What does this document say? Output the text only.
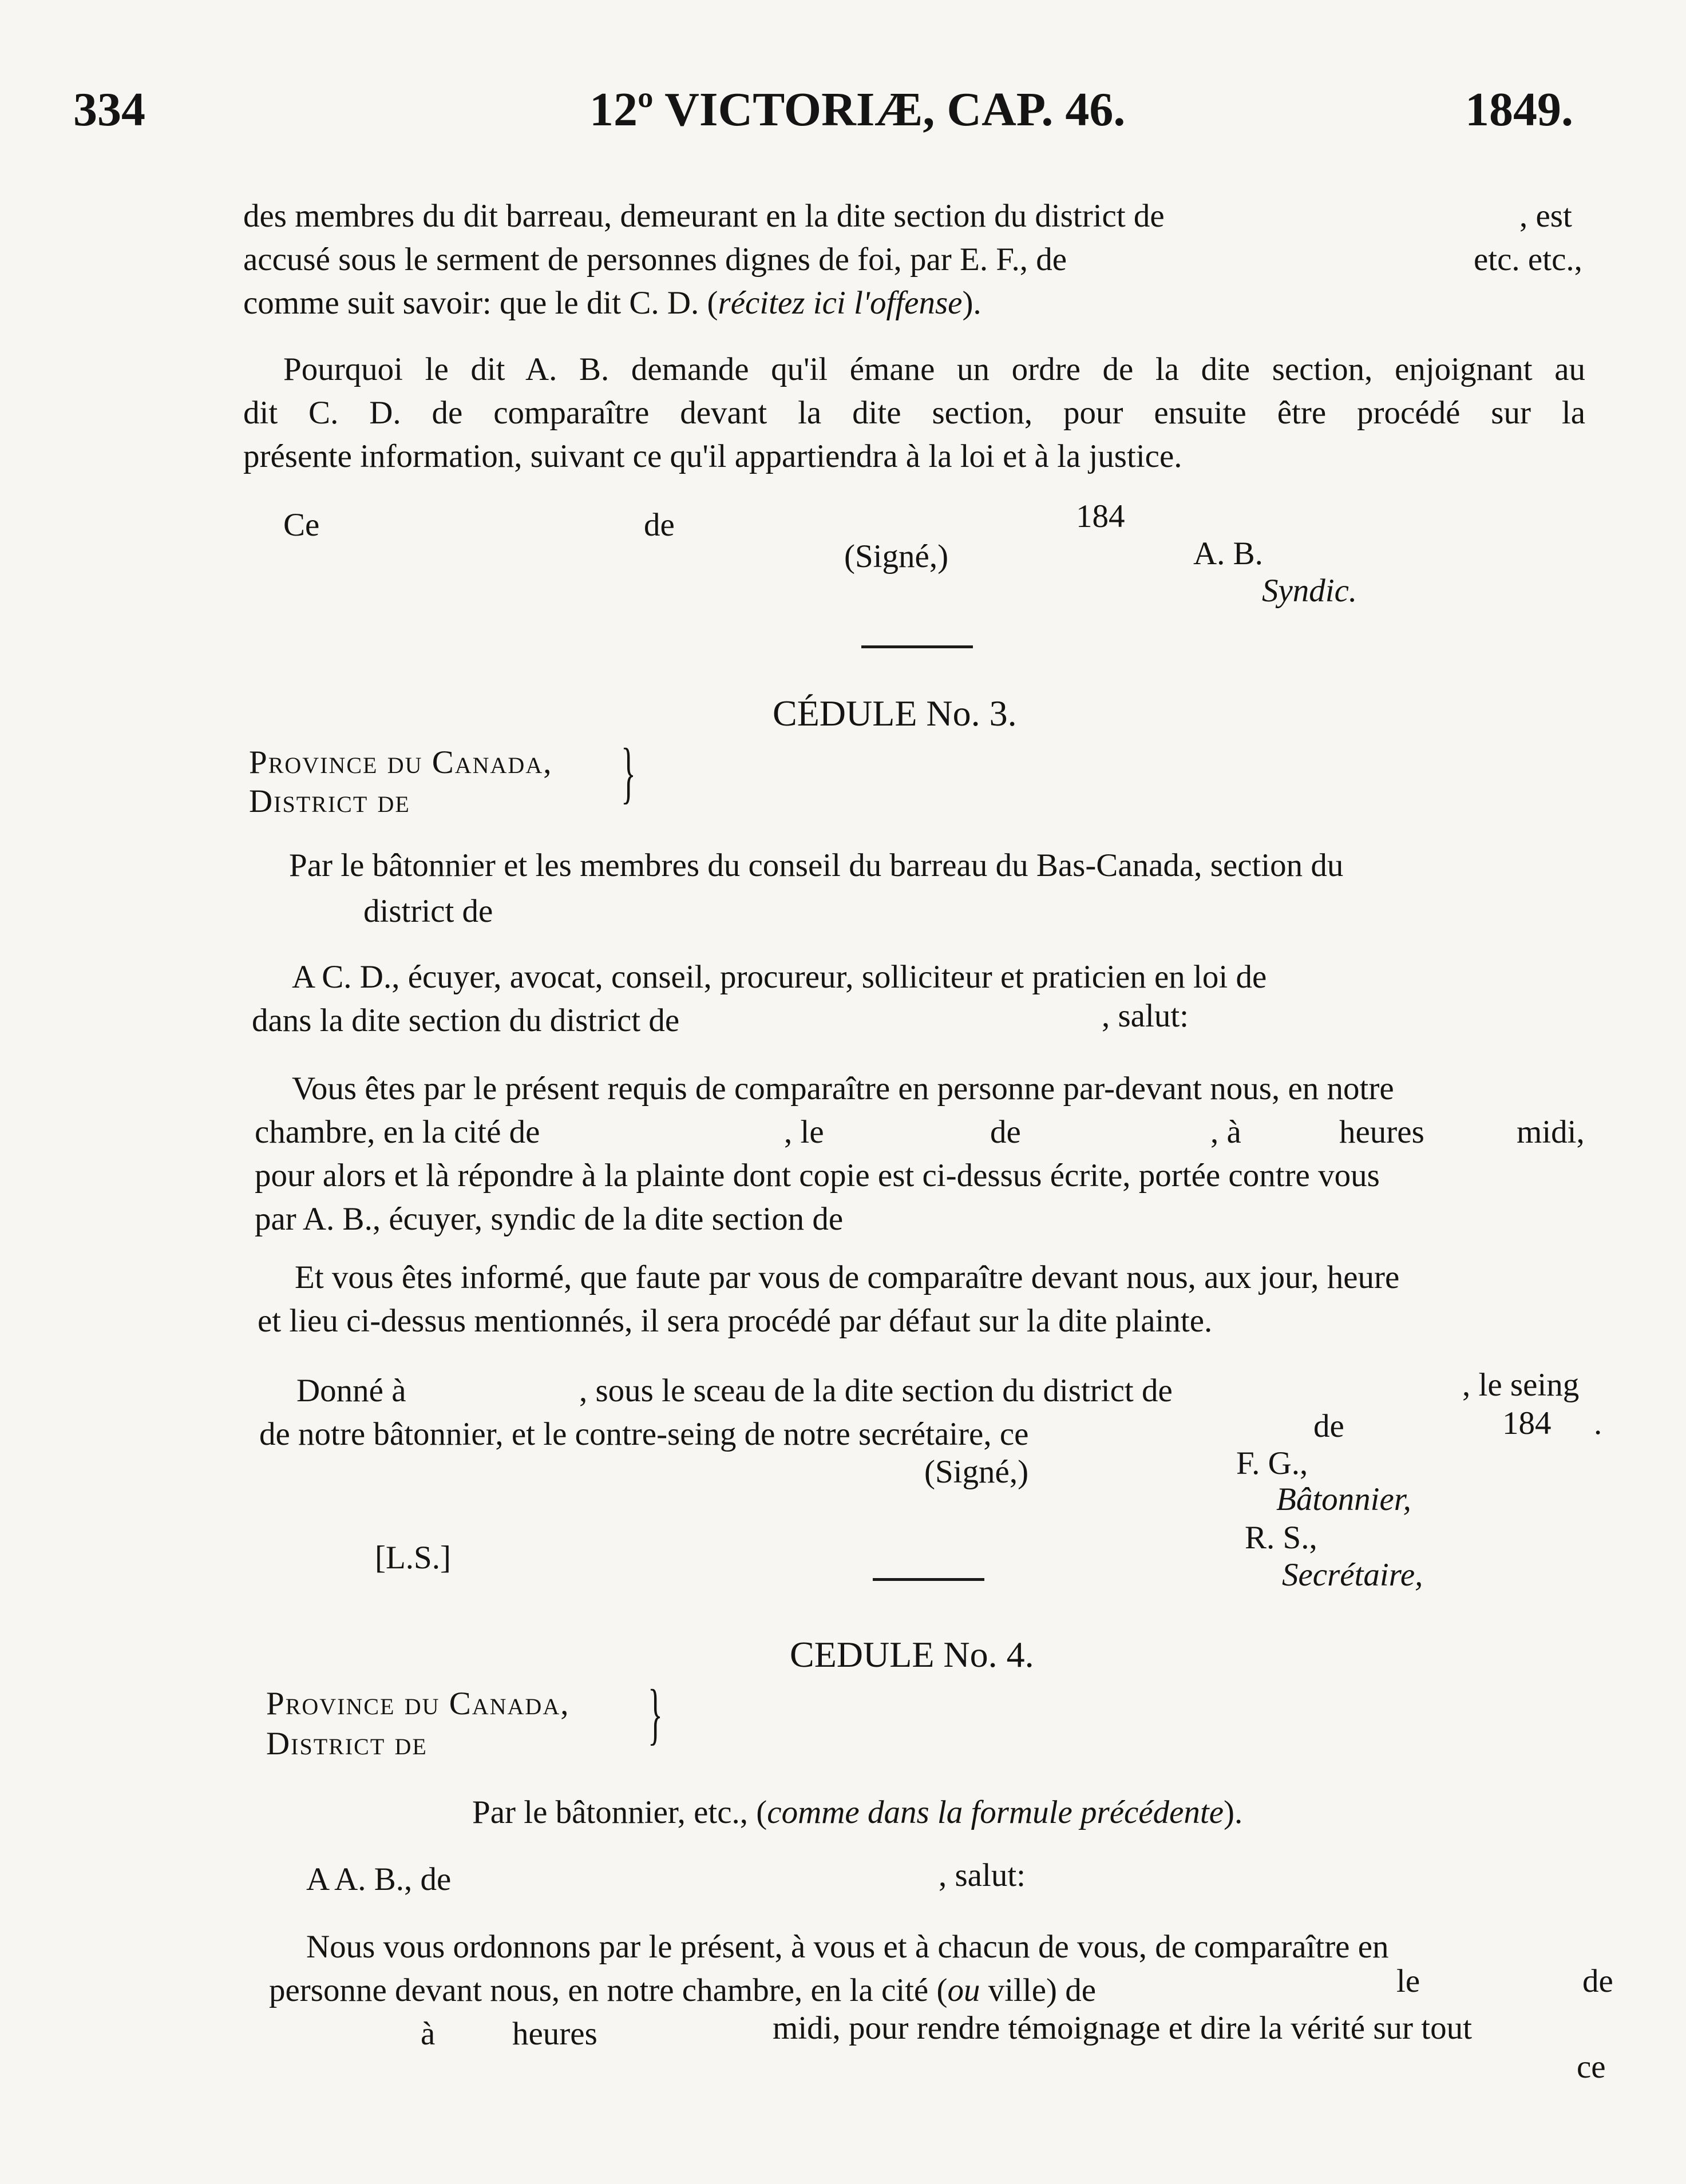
334	12º VICTORIÆ, CAP. 46.	1849.
des membres du dit barreau, demeurant en la dite section du district de	, est
accusé sous le serment de personnes dignes de foi, par E. F., de	etc. etc.,
comme suit savoir: que le dit C. D. (récitez ici l'offense).
Pourquoi le dit A. B. demande qu'il émane un ordre de la dite section, enjoignant au
dit C. D. de comparaître devant la dite section, pour ensuite être procédé sur la
présente information, suivant ce qu'il appartiendra à la loi et à la justice.
Ce	de	184
(Signé,)	A. B.
Syndic.
CÉDULE No. 3.
Province du Canada,
District de	}
Par le bâtonnier et les membres du conseil du barreau du Bas-Canada, section du
district de
A C. D., écuyer, avocat, conseil, procureur, solliciteur et praticien en loi de
dans la dite section du district de	, salut:
Vous êtes par le présent requis de comparaître en personne par-devant nous, en notre
chambre, en la cité de	, le	de	, à	heures	midi,
pour alors et là répondre à la plainte dont copie est ci-dessus écrite, portée contre vous
par A. B., écuyer, syndic de la dite section de
Et vous êtes informé, que faute par vous de comparaître devant nous, aux jour, heure
et lieu ci-dessus mentionnés, il sera procédé par défaut sur la dite plainte.
Donné à	, sous le sceau de la dite section du district de	, le seing
de notre bâtonnier, et le contre-seing de notre secrétaire, ce	de	184 .
(Signé,)	F. G.,
Bâtonnier,
[L.S.]
R. S.,
Secrétaire,
CEDULE No. 4.
Province du Canada,
District de	}
Par le bâtonnier, etc., (comme dans la formule précédente).
A A. B., de	, salut:
Nous vous ordonnons par le présent, à vous et à chacun de vous, de comparaître en
personne devant nous, en notre chambre, en la cité (ou ville) de	le	de
à heures	midi, pour rendre témoignage et dire la vérité sur tout
ce
